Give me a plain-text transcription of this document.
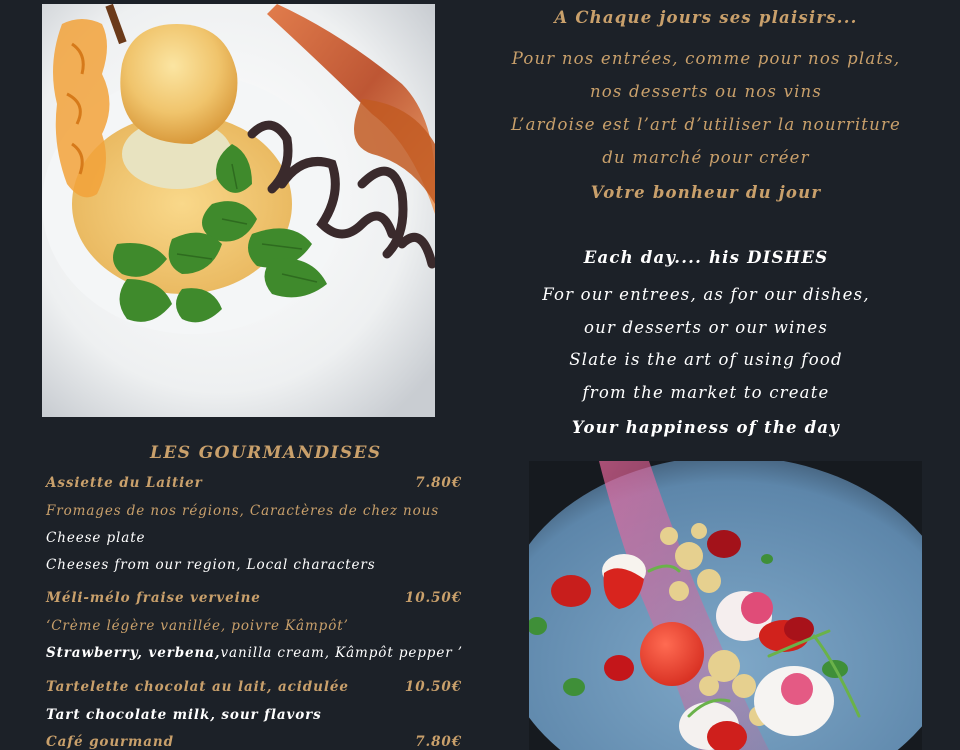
A Chaque jours ses plaisirs...
Pour nos entrées, comme pour nos plats,
nos desserts ou nos vins
L’ardoise est l’art d’utiliser la nourriture
du marché pour créer
Votre bonheur du jour
Each day.... his DISHES
For our entrees, as for our dishes,
our desserts or our wines
Slate is the art of using food
from the market to create
Your happiness of the day
LES GOURMANDISES
Assiette du Laitier	7.80€
Fromages de nos régions, Caractères de chez nous
Cheese plate
Cheeses from our region, Local characters
Méli-mélo fraise verveine	10.50€
‘Crème légère vanillée, poivre Kâmpôt’
Strawberry, verbena,vanilla cream, Kâmpôt pepper ’
Tartelette chocolat au lait, acidulée	10.50€
Tart chocolate milk, sour flavors
Café gourmand	7.80€
